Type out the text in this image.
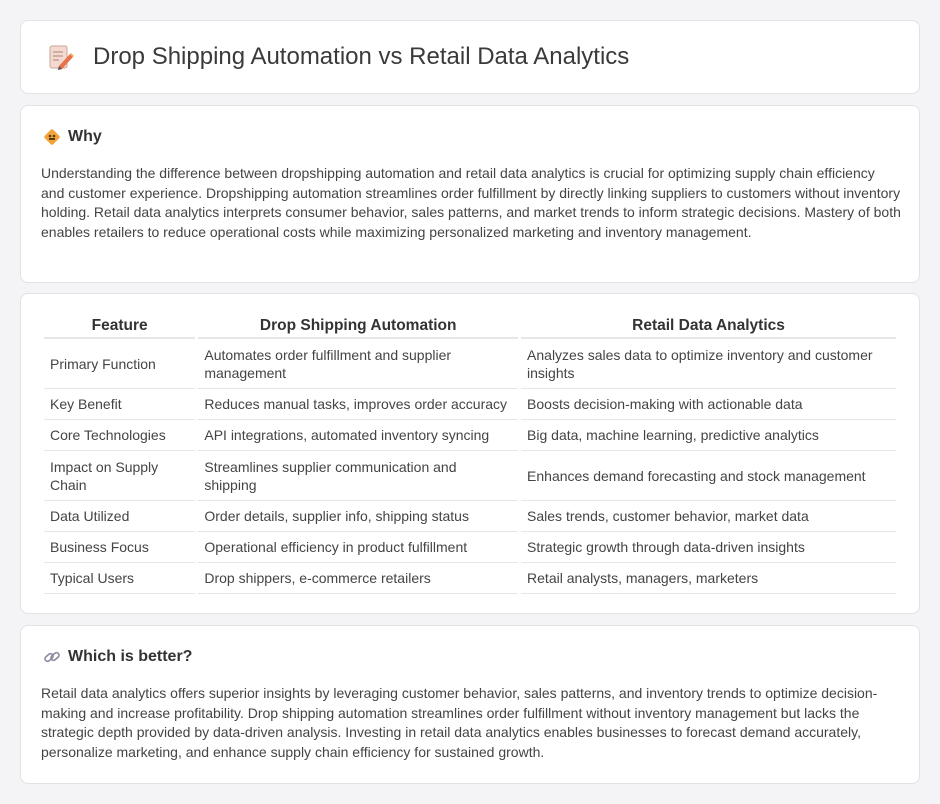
Drop Shipping Automation vs Retail Data Analytics
Why

Understanding the difference between dropshipping automation and retail data analytics is crucial for optimizing supply chain efficiency and customer experience. Dropshipping automation streamlines order fulfillment by directly linking suppliers to customers without inventory holding. Retail data analytics interprets consumer behavior, sales patterns, and market trends to inform strategic decisions. Mastery of both enables retailers to reduce operational costs while maximizing personalized marketing and inventory management.

Feature	Drop Shipping Automation	Retail Data Analytics
Primary Function	Automates order fulfillment and supplier management	Analyzes sales data to optimize inventory and customer insights
Key Benefit	Reduces manual tasks, improves order accuracy	Boosts decision-making with actionable data
Core Technologies	API integrations, automated inventory syncing	Big data, machine learning, predictive analytics
Impact on Supply Chain	Streamlines supplier communication and shipping	Enhances demand forecasting and stock management
Data Utilized	Order details, supplier info, shipping status	Sales trends, customer behavior, market data
Business Focus	Operational efficiency in product fulfillment	Strategic growth through data-driven insights
Typical Users	Drop shippers, e-commerce retailers	Retail analysts, managers, marketers
Which is better?

Retail data analytics offers superior insights by leveraging customer behavior, sales patterns, and inventory trends to optimize decision-making and increase profitability. Drop shipping automation streamlines order fulfillment without inventory management but lacks the strategic depth provided by data-driven analysis. Investing in retail data analytics enables businesses to forecast demand accurately, personalize marketing, and enhance supply chain efficiency for sustained growth.
